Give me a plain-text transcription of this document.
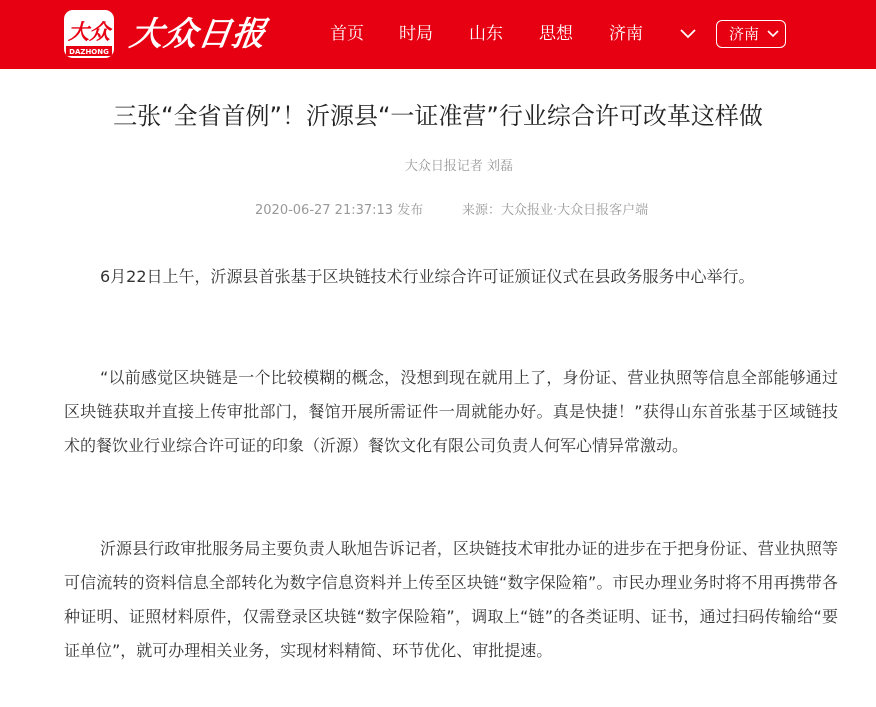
大众
DAZHONG 大众日报	首页 时局 山东 思想 济南	济南
三张“全省首例”！沂源县“一证准营”行业综合许可改革这样做
大众日报记者 刘磊
2020-06-27 21:37:13 发布	来源：大众报业·大众日报客户端

6月22日上午，沂源县首张基于区块链技术行业综合许可证颁证仪式在县政务服务中心举行。

“以前感觉区块链是一个比较模糊的概念，没想到现在就用上了，身份证、营业执照等信息全部能够通过区块链获取并直接上传审批部门，餐馆开展所需证件一周就能办好。真是快捷！”获得山东首张基于区域链技术的餐饮业行业综合许可证的印象（沂源）餐饮文化有限公司负责人何军心情异常激动。

沂源县行政审批服务局主要负责人耿旭告诉记者，区块链技术审批办证的进步在于把身份证、营业执照等可信流转的资料信息全部转化为数字信息资料并上传至区块链“数字保险箱”。市民办理业务时将不用再携带各种证明、证照材料原件，仅需登录区块链“数字保险箱”，调取上“链”的各类证明、证书，通过扫码传输给“要证单位”，就可办理相关业务，实现材料精简、环节优化、审批提速。
